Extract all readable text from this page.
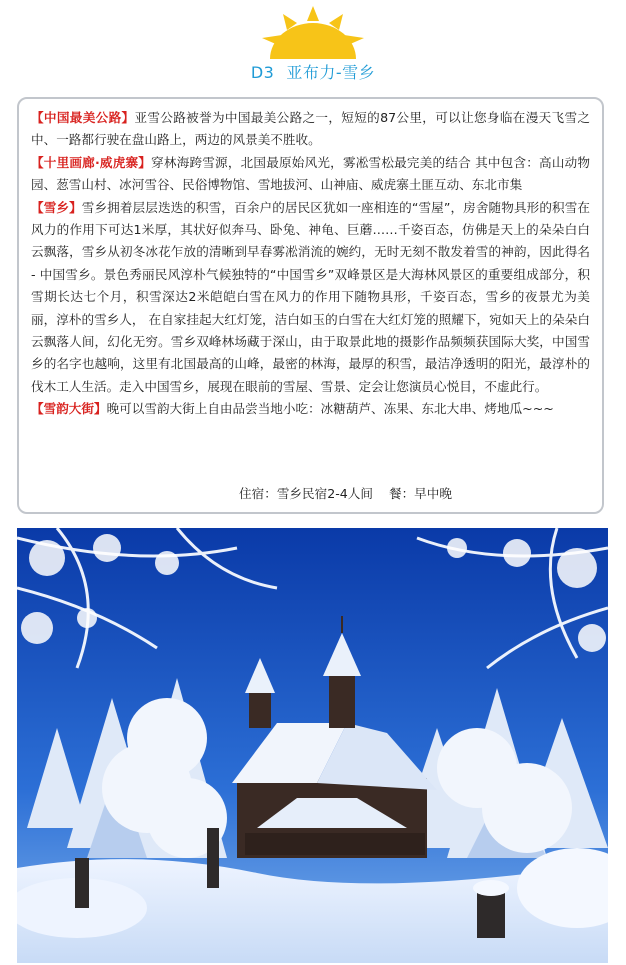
D3 亚布力-雪乡

【中国最美公路】亚雪公路被誉为中国最美公路之一，短短的87公里，可以让您身临在漫天飞雪之中、一路都行驶在盘山路上，两边的风景美不胜收。

【十里画廊·威虎寨】穿林海跨雪源，北国最原始风光，雾凇雪松最完美的结合 其中包含：高山动物园、䓤雪山村、冰河雪谷、民俗博物馆、雪地拔河、山神庙、威虎寨土匪互动、东北市集

【雪乡】雪乡拥着层层迭迭的积雪，百余户的居民区犹如一座相连的“雪屋”，房舍随物具形的积雪在风力的作用下可达1米厚，其状好似奔马、卧兔、神龟、巨蘑……千姿百态，仿佛是天上的朵朵白白云飘落，雪乡从初冬冰花乍放的清晰到早春雾凇消流的婉约，无时无刻不散发着雪的神韵，因此得名 - 中国雪乡。景色秀丽民风淳朴气候独特的“中国雪乡”双峰景区是大海林风景区的重要组成部分，积雪期长达七个月，积雪深达2米皑皑白雪在风力的作用下随物具形，千姿百态，雪乡的夜景尤为美丽，淳朴的雪乡人， 在自家挂起大红灯笼，洁白如玉的白雪在大红灯笼的照耀下，宛如天上的朵朵白云飘落人间，幻化无穷。雪乡双峰林场藏于深山，由于取景此地的摄影作品频频获国际大奖，中国雪乡的名字也越响，这里有北国最高的山峰，最密的林海，最厚的积雪，最洁净透明的阳光，最淳朴的伐木工人生活。走入中国雪乡，展现在眼前的雪屋、雪景、定会让您演员心悦目，不虚此行。

【雪韵大街】晚可以雪韵大街上自由品尝当地小吃：冰糖葫芦、冻果、东北大串、烤地瓜~~~

住宿：雪乡民宿2-4人间 餐：早中晚
